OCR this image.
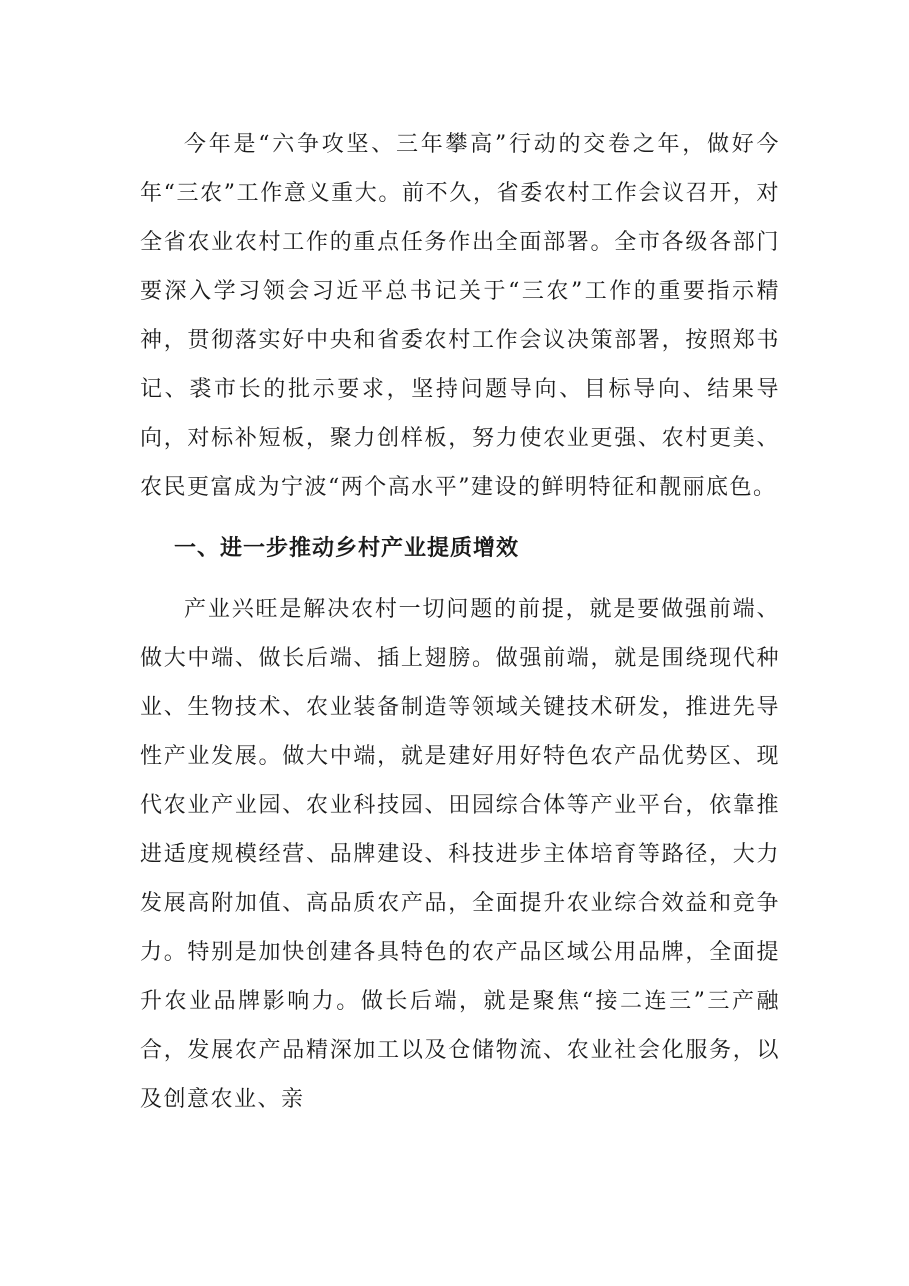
今年是“六争攻坚、三年攀高”行动的交卷之年，做好今年“三农”工作意义重大。前不久，省委农村工作会议召开，对全省农业农村工作的重点任务作出全面部署。全市各级各部门要深入学习领会习近平总书记关于“三农”工作的重要指示精神，贯彻落实好中央和省委农村工作会议决策部署，按照郑书记、裘市长的批示要求，坚持问题导向、目标导向、结果导向，对标补短板，聚力创样板，努力使农业更强、农村更美、农民更富成为宁波“两个高水平”建设的鲜明特征和靓丽底色。

一、进一步推动乡村产业提质增效

产业兴旺是解决农村一切问题的前提，就是要做强前端、做大中端、做长后端、插上翅膀。做强前端，就是围绕现代种业、生物技术、农业装备制造等领域关键技术研发，推进先导性产业发展。做大中端，就是建好用好特色农产品优势区、现代农业产业园、农业科技园、田园综合体等产业平台，依靠推进适度规模经营、品牌建设、科技进步主体培育等路径，大力发展高附加值、高品质农产品，全面提升农业综合效益和竞争力。特别是加快创建各具特色的农产品区域公用品牌，全面提升农业品牌影响力。做长后端，就是聚焦“接二连三”三产融合，发展农产品精深加工以及仓储物流、农业社会化服务，以及创意农业、亲
